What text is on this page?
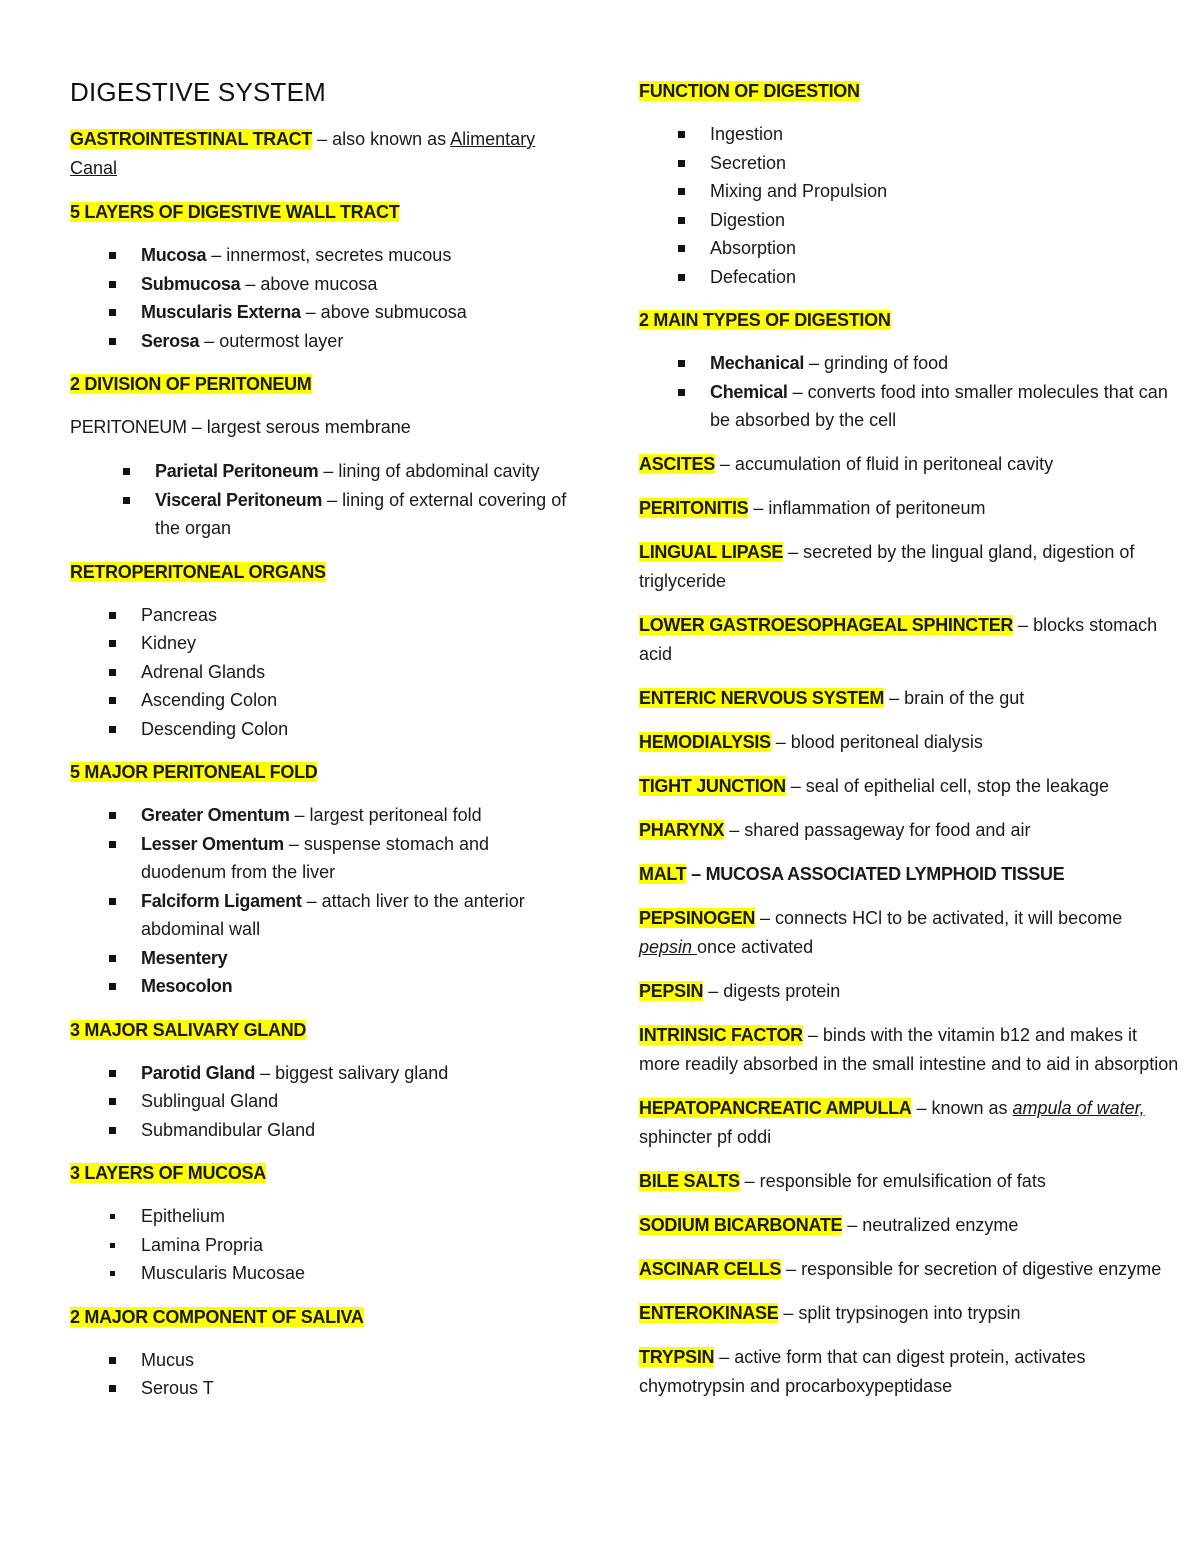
DIGESTIVE SYSTEM

GASTROINTESTINAL TRACT – also known as Alimentary Canal

5 LAYERS OF DIGESTIVE WALL TRACT
Mucosa – innermost, secretes mucous
Submucosa – above mucosa
Muscularis Externa – above submucosa
Serosa – outermost layer
2 DIVISION OF PERITONEUM

PERITONEUM – largest serous membrane

Parietal Peritoneum – lining of abdominal cavity
Visceral Peritoneum – lining of external covering of the organ
RETROPERITONEAL ORGANS
Pancreas
Kidney
Adrenal Glands
Ascending Colon
Descending Colon
5 MAJOR PERITONEAL FOLD
Greater Omentum – largest peritoneal fold
Lesser Omentum – suspense stomach and duodenum from the liver
Falciform Ligament – attach liver to the anterior abdominal wall
Mesentery
Mesocolon
3 MAJOR SALIVARY GLAND
Parotid Gland – biggest salivary gland
Sublingual Gland
Submandibular Gland
3 LAYERS OF MUCOSA
Epithelium
Lamina Propria
Muscularis Mucosae
2 MAJOR COMPONENT OF SALIVA
Mucus
Serous T
FUNCTION OF DIGESTION
Ingestion
Secretion
Mixing and Propulsion
Digestion
Absorption
Defecation
2 MAIN TYPES OF DIGESTION
Mechanical – grinding of food
Chemical – converts food into smaller molecules that can be absorbed by the cell

ASCITES – accumulation of fluid in peritoneal cavity

PERITONITIS – inflammation of peritoneum

LINGUAL LIPASE – secreted by the lingual gland, digestion of triglyceride

LOWER GASTROESOPHAGEAL SPHINCTER – blocks stomach acid

ENTERIC NERVOUS SYSTEM – brain of the gut

HEMODIALYSIS – blood peritoneal dialysis

TIGHT JUNCTION – seal of epithelial cell, stop the leakage

PHARYNX – shared passageway for food and air

MALT – MUCOSA ASSOCIATED LYMPHOID TISSUE

PEPSINOGEN – connects HCl to be activated, it will become pepsin once activated

PEPSIN – digests protein

INTRINSIC FACTOR – binds with the vitamin b12 and makes it more readily absorbed in the small intestine and to aid in absorption

HEPATOPANCREATIC AMPULLA – known as ampula of water, sphincter pf oddi

BILE SALTS – responsible for emulsification of fats

SODIUM BICARBONATE – neutralized enzyme

ASCINAR CELLS – responsible for secretion of digestive enzyme

ENTEROKINASE – split trypsinogen into trypsin

TRYPSIN – active form that can digest protein, activates chymotrypsin and procarboxypeptidase
